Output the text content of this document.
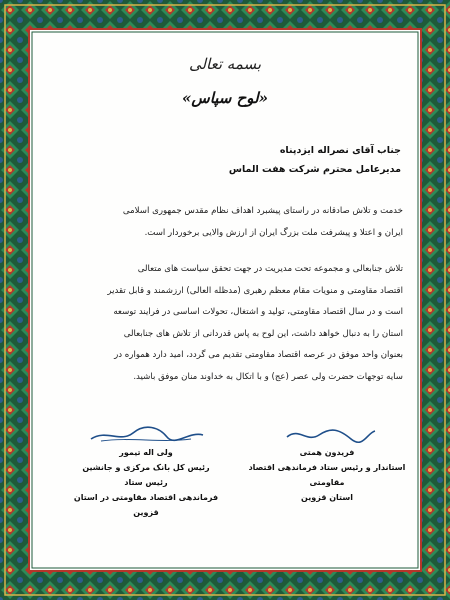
بسمه تعالی
«لوح سپاس»
جناب آقای نصراله ایزدپناه
مدیرعامل محترم شرکت هفت الماس
خدمت و تلاش صادقانه در راستای پیشبرد اهداف نظام مقدس جمهوری اسلامی
ایران و اعتلا و پیشرفت ملت بزرگ ایران از ارزش والایی برخوردار است.
تلاش جنابعالی و مجموعه تحت مدیریت در جهت تحقق سیاست های متعالی
اقتصاد مقاومتی و منویات مقام معظم رهبری (مدظله العالی) ارزشمند و قابل تقدیر
است و در سال اقتصاد مقاومتی، تولید و اشتغال، تحولات اساسی در فرایند توسعه
استان را به دنبال خواهد داشت، این لوح به پاس قدردانی از تلاش های جنابعالی
بعنوان واحد موفق در عرصه اقتصاد مقاومتی تقدیم می گردد، امید دارد همواره در
سایه توجهات حضرت ولی عصر (عج) و با اتکال به خداوند منان موفق باشید.
ولی اله تیمور
رئیس کل بانک مرکزی و جانشین رئیس ستاد
فرماندهی اقتصاد مقاومتی در استان قزوین
فریدون همتی
استاندار و رئیس ستاد فرماندهی اقتصاد مقاومتی
استان قزوین
